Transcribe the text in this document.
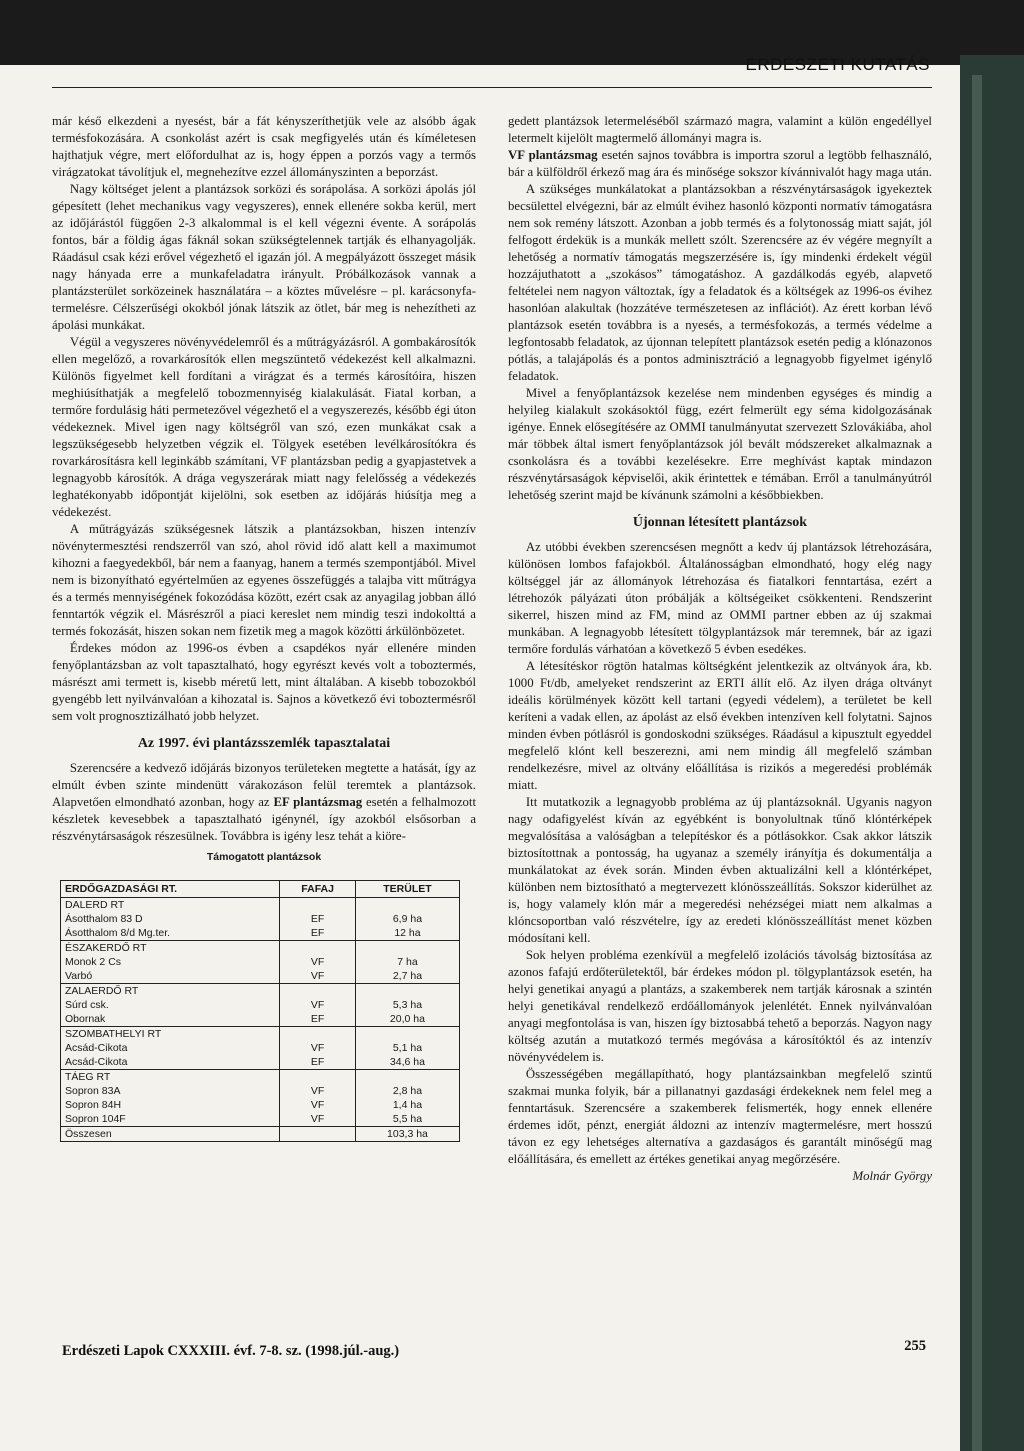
ERDÉSZETI KUTATÁS

már késő elkezdeni a nyesést, bár a fát kényszeríthetjük vele az alsóbb ágak termésfokozására. A csonkolást azért is csak megfigyelés után és kíméletesen hajthatjuk végre, mert előfordulhat az is, hogy éppen a porzós vagy a termős virágzatokat távolítjuk el, megnehezítve ezzel állományszinten a beporzást.

Nagy költséget jelent a plantázsok sorközi és sorápolása. A sorközi ápolás jól gépesített (lehet mechanikus vagy vegyszeres), ennek ellenére sokba kerül, mert az időjárástól függően 2-3 alkalommal is el kell végezni évente. A sorápolás fontos, bár a földig ágas fáknál sokan szükségtelennek tartják és elhanyagolják. Ráadásul csak kézi erővel végezhető el igazán jól. A megpályázott összeget másik nagy hányada erre a munkafeladatra irányult. Próbálkozások vannak a plantázsterület sorközeinek használatára – a köztes művelésre – pl. karácsonyfa-termelésre. Célszerűségi okokból jónak látszik az ötlet, bár meg is nehezítheti az ápolási munkákat.

Végül a vegyszeres növényvédelemről és a műtrágyázásról. A gombakárosítók ellen megelőző, a rovarkárosítók ellen megszüntető védekezést kell alkalmazni. Különös figyelmet kell fordítani a virágzat és a termés károsítóira, hiszen meghiúsíthatják a megfelelő tobozmennyiség kialakulását. Fiatal korban, a termőre fordulásig háti permetezővel végezhető el a vegyszerezés, később égi úton védekeznek. Mivel igen nagy költségről van szó, ezen munkákat csak a legszükségesebb helyzetben végzik el. Tölgyek esetében levélkárosítókra és rovarkárosításra kell leginkább számítani, VF plantázsban pedig a gyapjastetvek a legnagyobb károsítók. A drága vegyszerárak miatt nagy felelősség a védekezés leghatékonyabb időpontját kijelölni, sok esetben az időjárás hiúsítja meg a védekezést.

A műtrágyázás szükségesnek látszik a plantázsokban, hiszen intenzív növénytermesztési rendszerről van szó, ahol rövid idő alatt kell a maximumot kihozni a faegyedekből, bár nem a faanyag, hanem a termés szempontjából. Mivel nem is bizonyítható egyértelműen az egyenes összefüggés a talajba vitt műtrágya és a termés mennyiségének fokozódása között, ezért csak az anyagilag jobban álló fenntartók végzik el. Másrészről a piaci kereslet nem mindig teszi indokolttá a termés fokozását, hiszen sokan nem fizetik meg a magok közötti árkülönbözetet.

Érdekes módon az 1996-os évben a csapdékos nyár ellenére minden fenyőplantázsban az volt tapasztalható, hogy egyrészt kevés volt a toboztermés, másrészt ami termett is, kisebb méretű lett, mint általában. A kisebb tobozokból gyengébb lett nyilvánvalóan a kihozatal is. Sajnos a következő évi toboztermésről sem volt prognosztizálható jobb helyzet.

Az 1997. évi plantázsszemlék tapasztalatai

Szerencsére a kedvező időjárás bizonyos területeken megtette a hatását, így az elmúlt évben szinte mindenütt várakozáson felül teremtek a plantázsok. Alapvetően elmondható azonban, hogy az EF plantázsmag esetén a felhalmozott készletek kevesebbek a tapasztalható igénynél, így azokból elsősorban a részvénytársaságok részesülnek. Továbbra is igény lesz tehát a kiöre-

Támogatott plantázsok
ERDŐGAZDASÁGI RT.	FAFAJ	TERÜLET
DALERD RT		
Ásotthalom 83 D	EF	6,9 ha
Ásotthalom 8/d Mg.ter.	EF	12 ha
ÉSZAKERDŐ RT		
Monok 2 Cs	VF	7 ha
Varbó	VF	2,7 ha
ZALAERDŐ RT		
Súrd csk.	VF	5,3 ha
Obornak	EF	20,0 ha
SZOMBATHELYI RT		
Acsád-Cikota	VF	5,1 ha
Acsád-Cikota	EF	34,6 ha
TÁEG RT		
Sopron 83A	VF	2,8 ha
Sopron 84H	VF	1,4 ha
Sopron 104F	VF	5,5 ha
Összesen		103,3 ha

gedett plantázsok letermeléséből származó magra, valamint a külön engedéllyel letermelt kijelölt magtermelő állományi magra is.

VF plantázsmag esetén sajnos továbbra is importra szorul a legtöbb felhasználó, bár a külföldről érkező mag ára és minősége sokszor kívánnivalót hagy maga után.

A szükséges munkálatokat a plantázsokban a részvénytársaságok igyekeztek becsülettel elvégezni, bár az elmúlt évihez hasonló központi normatív támogatásra nem sok remény látszott. Azonban a jobb termés és a folytonosság miatt saját, jól felfogott érdekük is a munkák mellett szólt. Szerencsére az év végére megnyílt a lehetőség a normatív támogatás megszerzésére is, így mindenki érdekelt végül hozzájuthatott a „szokásos” támogatáshoz. A gazdálkodás egyéb, alapvető feltételei nem nagyon változtak, így a feladatok és a költségek az 1996-os évihez hasonlóan alakultak (hozzátéve természetesen az inflációt). Az érett korban lévő plantázsok esetén továbbra is a nyesés, a termésfokozás, a termés védelme a legfontosabb feladatok, az újonnan telepített plantázsok esetén pedig a klónazonos pótlás, a talajápolás és a pontos adminisztráció a legnagyobb figyelmet igénylő feladatok.

Mivel a fenyőplantázsok kezelése nem mindenben egységes és mindig a helyileg kialakult szokásoktól függ, ezért felmerült egy séma kidolgozásának igénye. Ennek elősegítésére az OMMI tanulmányutat szervezett Szlovákiába, ahol már többek által ismert fenyőplantázsok jól bevált módszereket alkalmaznak a csonkolásra és a további kezelésekre. Erre meghívást kaptak mindazon részvénytársaságok képviselői, akik érintettek e témában. Erről a tanulmányútról lehetőség szerint majd be kívánunk számolni a későbbiekben.

Újonnan létesített plantázsok

Az utóbbi években szerencsésen megnőtt a kedv új plantázsok létrehozására, különösen lombos fafajokból. Általánosságban elmondható, hogy elég nagy költséggel jár az állományok létrehozása és fiatalkori fenntartása, ezért a létrehozók pályázati úton próbálják a költségeiket csökkenteni. Rendszerint sikerrel, hiszen mind az FM, mind az OMMI partner ebben az új szakmai munkában. A legnagyobb létesített tölgyplantázsok már teremnek, bár az igazi termőre fordulás várhatóan a következő 5 évben esedékes.

A létesítéskor rögtön hatalmas költségként jelentkezik az oltványok ára, kb. 1000 Ft/db, amelyeket rendszerint az ERTI állít elő. Az ilyen drága oltványt ideális körülmények között kell tartani (egyedi védelem), a területet be kell keríteni a vadak ellen, az ápolást az első években intenzíven kell folytatni. Sajnos minden évben pótlásról is gondoskodni szükséges. Ráadásul a kipusztult egyeddel megfelelő klónt kell beszerezni, ami nem mindig áll megfelelő számban rendelkezésre, mivel az oltvány előállítása is rizikós a megeredési problémák miatt.

Itt mutatkozik a legnagyobb probléma az új plantázsoknál. Ugyanis nagyon nagy odafigyelést kíván az egyébként is bonyolultnak tűnő klóntérképek megvalósítása a valóságban a telepítéskor és a pótlásokkor. Csak akkor látszik biztosítottnak a pontosság, ha ugyanaz a személy irányítja és dokumentálja a munkálatokat az évek során. Minden évben aktualizálni kell a klóntérképet, különben nem biztosítható a megtervezett klónösszeállítás. Sokszor kiderülhet az is, hogy valamely klón már a megeredési nehézségei miatt nem alkalmas a klóncsoportban való részvételre, így az eredeti klónösszeállítást menet közben módosítani kell.

Sok helyen probléma ezenkívül a megfelelő izolációs távolság biztosítása az azonos fafajú erdőterületektől, bár érdekes módon pl. tölgyplantázsok esetén, ha helyi genetikai anyagú a plantázs, a szakemberek nem tartják károsnak a szintén helyi genetikával rendelkező erdőállományok jelenlétét. Ennek nyilvánvalóan anyagi megfontolása is van, hiszen így biztosabbá tehető a beporzás. Nagyon nagy költség azután a mutatkozó termés megóvása a károsítóktól és az intenzív növényvédelem is.

Összességében megállapítható, hogy plantázsainkban megfelelő szintű szakmai munka folyik, bár a pillanatnyi gazdasági érdekeknek nem felel meg a fenntartásuk. Szerencsére a szakemberek felismerték, hogy ennek ellenére érdemes időt, pénzt, energiát áldozni az intenzív magtermelésre, mert hosszú távon ez egy lehetséges alternatíva a gazdaságos és garantált minőségű mag előállítására, és emellett az értékes genetikai anyag megőrzésére.

Molnár György
Erdészeti Lapok CXXXIII. évf. 7-8. sz. (1998.júl.-aug.)	255
